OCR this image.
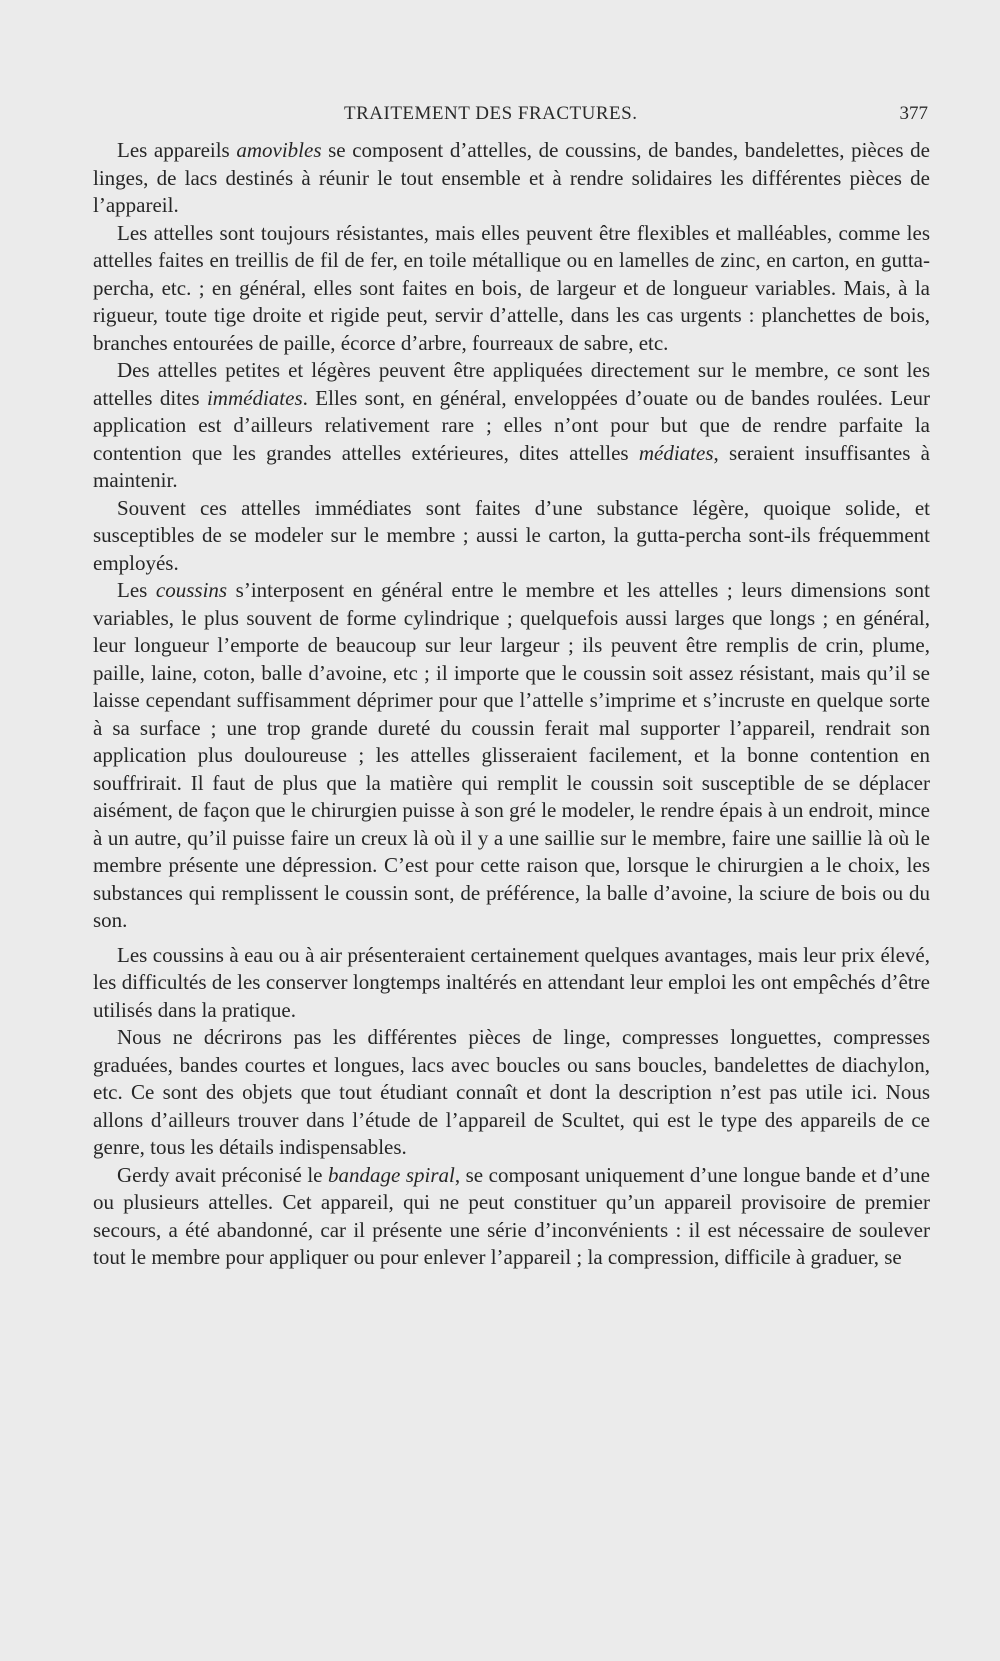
TRAITEMENT DES FRACTURES.	377

Les appareils amovibles se composent d’attelles, de coussins, de bandes, bandelettes, pièces de linges, de lacs destinés à réunir le tout ensemble et à rendre solidaires les différentes pièces de l’appareil.

Les attelles sont toujours résistantes, mais elles peuvent être flexibles et malléables, comme les attelles faites en treillis de fil de fer, en toile métallique ou en lamelles de zinc, en carton, en gutta-percha, etc. ; en général, elles sont faites en bois, de largeur et de longueur variables. Mais, à la rigueur, toute tige droite et rigide peut, servir d’attelle, dans les cas urgents : planchettes de bois, branches entourées de paille, écorce d’arbre, fourreaux de sabre, etc.

Des attelles petites et légères peuvent être appliquées directement sur le membre, ce sont les attelles dites immédiates. Elles sont, en général, enveloppées d’ouate ou de bandes roulées. Leur application est d’ailleurs relativement rare ; elles n’ont pour but que de rendre parfaite la contention que les grandes attelles extérieures, dites attelles médiates, seraient insuffisantes à maintenir.

Souvent ces attelles immédiates sont faites d’une substance légère, quoique solide, et susceptibles de se modeler sur le membre ; aussi le carton, la gutta-percha sont-ils fréquemment employés.

Les coussins s’interposent en général entre le membre et les attelles ; leurs dimensions sont variables, le plus souvent de forme cylindrique ; quelquefois aussi larges que longs ; en général, leur longueur l’emporte de beaucoup sur leur largeur ; ils peuvent être remplis de crin, plume, paille, laine, coton, balle d’avoine, etc ; il importe que le coussin soit assez résistant, mais qu’il se laisse cependant suffisamment déprimer pour que l’attelle s’imprime et s’incruste en quelque sorte à sa surface ; une trop grande dureté du coussin ferait mal supporter l’appareil, rendrait son application plus douloureuse ; les attelles glisseraient facilement, et la bonne contention en souffrirait. Il faut de plus que la matière qui remplit le coussin soit susceptible de se déplacer aisément, de façon que le chirurgien puisse à son gré le modeler, le rendre épais à un endroit, mince à un autre, qu’il puisse faire un creux là où il y a une saillie sur le membre, faire une saillie là où le membre présente une dépression. C’est pour cette raison que, lorsque le chirurgien a le choix, les substances qui remplissent le coussin sont, de préférence, la balle d’avoine, la sciure de bois ou du son.

Les coussins à eau ou à air présenteraient certainement quelques avantages, mais leur prix élevé, les difficultés de les conserver longtemps inaltérés en attendant leur emploi les ont empêchés d’être utilisés dans la pratique.

Nous ne décrirons pas les différentes pièces de linge, compresses longuettes, compresses graduées, bandes courtes et longues, lacs avec boucles ou sans boucles, bandelettes de diachylon, etc. Ce sont des objets que tout étudiant connaît et dont la description n’est pas utile ici. Nous allons d’ailleurs trouver dans l’étude de l’appareil de Scultet, qui est le type des appareils de ce genre, tous les détails indispensables.

Gerdy avait préconisé le bandage spiral, se composant uniquement d’une longue bande et d’une ou plusieurs attelles. Cet appareil, qui ne peut constituer qu’un appareil provisoire de premier secours, a été abandonné, car il présente une série d’inconvénients : il est nécessaire de soulever tout le membre pour appliquer ou pour enlever l’appareil ; la compression, difficile à graduer, se
